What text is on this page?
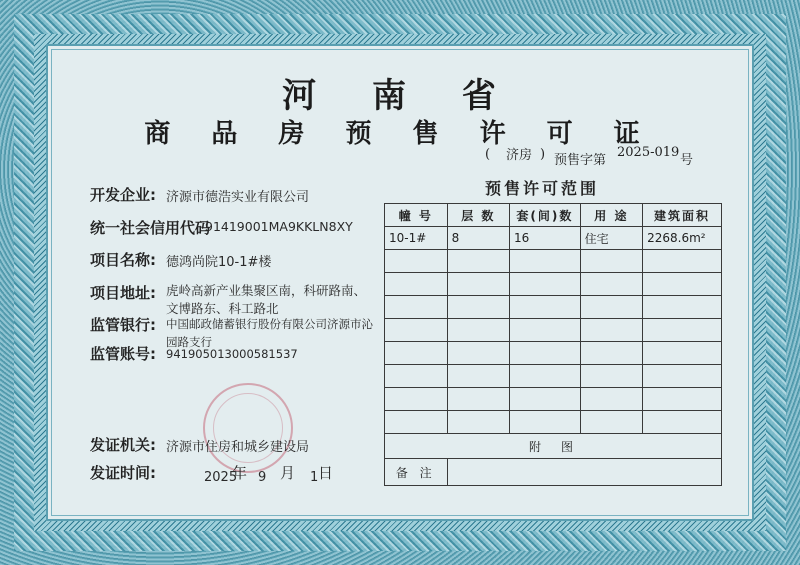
河 南 省
商 品 房 预 售 许 可 证
( 济房 ) 预售字第
2025-019
号
预售许可范围
开发企业: 济源市德浩实业有限公司
统一社会信用代码
91419001MA9KKLN8XY
项目名称: 德鸿尚院10-1#楼
项目地址: 虎岭高新产业集聚区南，科研路南、文博路东、科工路北
监管银行: 中国邮政储蓄银行股份有限公司济源市沁园路支行
监管账号: 941905013000581537
发证机关: 济源市住房和城乡建设局
发证时间:	2025
年 9 月 1 日
幢 号	层 数	套(间)数	用 途	建筑面积
10-1#	8	16	住宅	2268.6m²

附　图				
备 注				
